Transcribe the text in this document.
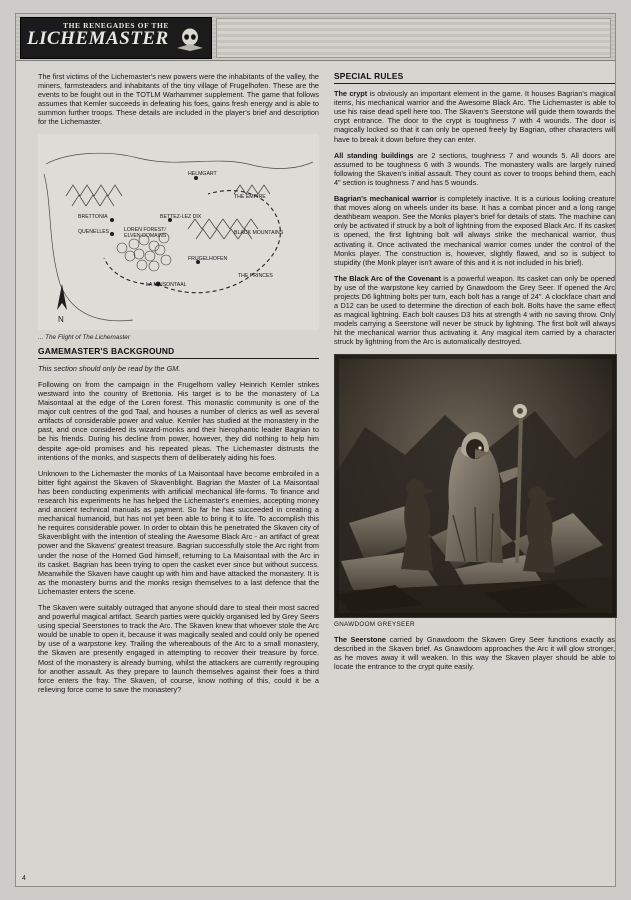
THE RENEGADES OF THE
LICHEMASTER

The first victims of the Lichemaster's new powers were the inhabitants of the valley, the miners, farmsteaders and inhabitants of the tiny village of Frugelhofen. These are the events to be fought out in the TOTLM Warhammer supplement. The game that follows assumes that Kemler succeeds in defeating his foes, gains fresh energy and is able to summon further troops. These details are included in the player's brief and description for the Lichemaster.

HELMGART
THE EMPIRE
BRETTONIA	BETTEZ-LEZ DIX
QUENELLES	LOREN FOREST/
ELVEN DOMAINS	BLACK MOUNTAINS
FRUGELHOFEN
LA MAISONTAAL
THE PRINCES
N
... The Flight of The Lichemaster
GAMEMASTER'S BACKGROUND

This section should only be read by the GM.

Following on from the campaign in the Frugelhorn valley Heinrich Kemler strikes westward into the country of Brettonia. His target is to be the monastery of La Maisontaal at the edge of the Loren forest. This monastic community is one of the major cult centres of the god Taal, and houses a number of clerics as well as several artifacts of considerable power and value. Kemler has studied at the monastery in the past, and once considered its wizard-monks and their hierophantic leader Bagrian to be his friends. During his decline from power, however, they did nothing to help him despite age-old promises and his repeated pleas. The Lichemaster distrusts the intentions of the monks, and suspects them of deliberately aiding his foes.

Unknown to the Lichemaster the monks of La Maisontaal have become embroiled in a bitter fight against the Skaven of Skavenblight. Bagrian the Master of La Maisontaal has been conducting experiments with artificial mechanical life-forms. To finance and research his experiments he has helped the Lichemaster's enemies, accepting money and ancient technical manuals as payment. So far he has succeeded in creating a mechanical humanoid, but has not yet been able to bring it to life. To accomplish this he requires considerable power. In order to obtain this he penetrated the Skaven city of Skavenblight with the intention of stealing the Awesome Black Arc - an artifact of great power and the Skavens' greatest treasure. Bagrian successfully stole the Arc right from under the nose of the Horned God himself, returning to La Maisontaal with the Arc in its casket. Bagrian has been trying to open the casket ever since but without success. Meanwhile the Skaven have caught up with him and have attacked the monastery. It is as the monastery burns and the monks resign themselves to a last defence that the Lichemaster enters the scene.

The Skaven were suitably outraged that anyone should dare to steal their most sacred and powerful magical artifact. Search parties were quickly organised led by Grey Seers using special Seerstones to track the Arc. The Skaven knew that whoever stole the Arc would be unable to open it, because it was magically sealed and could only be opened by use of a warpstone key. Trailing the whereabouts of the Arc to a small monastery, the Skaven are presently engaged in attempting to recover their treasure by force. Most of the monastery is already burning, whilst the attackers are currently regrouping for another assault. As they prepare to launch themselves against their foes a third force enters the fray. The Skaven, of course, know nothing of this, could it be a relieving force come to save the monastery?

SPECIAL RULES

The crypt is obviously an important element in the game. It houses Bagrian's magical items, his mechanical warrior and the Awesome Black Arc. The Lichemaster is able to use his raise dead spell here too. The Skaven's Seerstone will guide them towards the crypt entrance. The door to the crypt is toughness 7 with 4 wounds. The door is magically locked so that it can only be opened freely by Bagrian, other characters will have to break it down before they can enter.

All standing buildings are 2 sections, toughness 7 and wounds 5. All doors are assumed to be toughness 6 with 3 wounds. The monastery walls are largely ruined following the Skaven's initial assault. They count as cover to troops behind them, each 4" section is toughness 7 and has 5 wounds.

Bagrian's mechanical warrior is completely inactive. It is a curious looking creature that moves along on wheels under its base. It has a combat pincer and a long range deathbeam weapon. See the Monks player's brief for details of stats. The machine can only be activated if struck by a bolt of lightning from the exposed Black Arc. If its casket is opened, the first lightning bolt will always strike the mechanical warrior, thus activating it. Once activated the mechanical warrior comes under the control of the Monks player. The construction is, however, slightly flawed, and so is subject to stupidity (the Monk player isn't aware of this and it is not included in his brief).

The Black Arc of the Covenant is a powerful weapon. Its casket can only be opened by use of the warpstone key carried by Gnawdoom the Grey Seer. If opened the Arc projects D6 lightning bolts per turn, each bolt has a range of 24". A clockface chart and a D12 can be used to determine the direction of each bolt. Bolts have the same effect as magical lightning. Each bolt causes D3 hits at strength 4 with no saving throw. Only models carrying a Seerstone will never be struck by lightning. The first bolt will always hit the mechanical warrior thus activating it. Any magical item carried by a character struck by lightning from the Arc is automatically destroyed.

GNAWDOOM GREYSEER

The Seerstone carried by Gnawdoom the Skaven Grey Seer functions exactly as described in the Skaven brief. As Gnawdoom approaches the Arc it will glow stronger, as he moves away it will weaken. In this way the Skaven player should be able to locate the entrance to the crypt quite easily.

4
